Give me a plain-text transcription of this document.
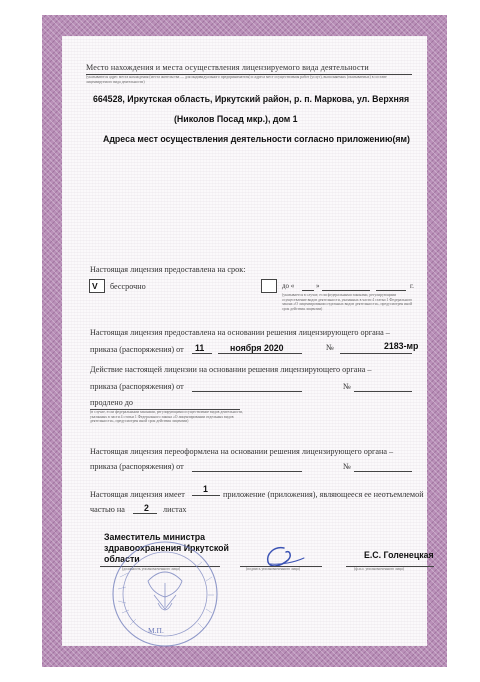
Место нахождения и места осуществления лицензируемого вида деятельности
(указываются адрес места нахождения (места жительства — для индивидуального предпринимателя) и адреса мест осуществления работ (услуг), выполняемых (оказываемых) в составе лицензируемого вида деятельности)
664528, Иркутская область, Иркутский район, р. п. Маркова, ул. Верхняя
(Николов Посад мкр.), дом 1
Адреса мест осуществления деятельности согласно приложению(ям)
Настоящая лицензия предоставлена на срок:
V бессрочно	до «	»	г.
(указывается в случае, если федеральными законами, регулирующими осуществление видов деятельности, указанных в части 4 статьи 1 Федерального закона «О лицензировании отдельных видов деятельности», предусмотрен иной срок действия лицензии)
Настоящая лицензия предоставлена на основании решения лицензирующего органа –
приказа (распоряжения) от 11	ноября 2020	№	2183-мр
Действие настоящей лицензии на основании решения лицензирующего органа –
приказа (распоряжения) от	№
продлено до
(в случае, если федеральными законами, регулирующими осуществление видов деятельности, указанных в части 4 статьи 1 Федерального закона «О лицензировании отдельных видов деятельности», предусмотрен иной срок действия лицензии)
Настоящая лицензия переоформлена на основании решения лицензирующего органа –
приказа (распоряжения) от	№
Настоящая лицензия имеет
1
приложение (приложения), являющееся ее неотъемлемой
частью на 2 листах
Заместитель министра
здравоохранения Иркутской
области
(должность уполномоченного лица)
М.П.
(подпись уполномоченного лица)
Е.С. Голенецкая
(ф.и.о. уполномоченного лица)
